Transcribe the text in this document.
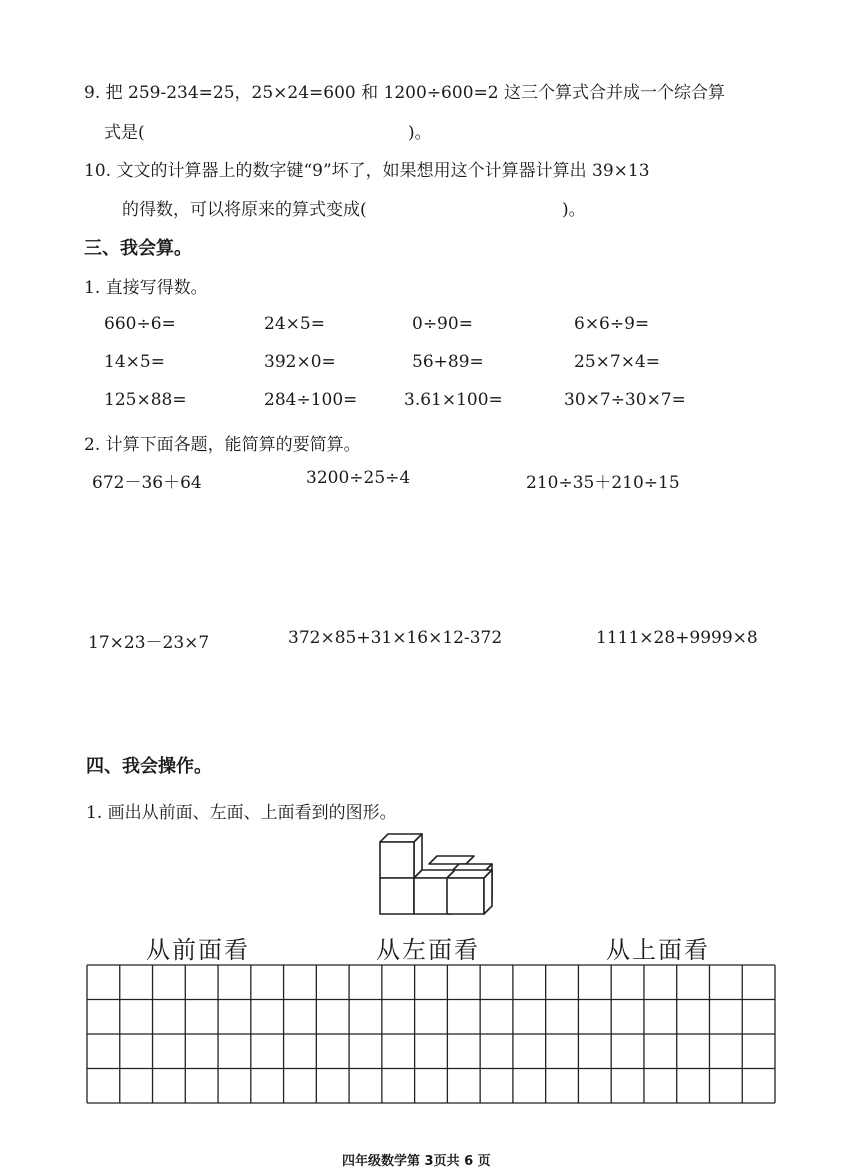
9. 把 259-234=25，25×24=600 和 1200÷600=2 这三个算式合并成一个综合算
式是(	)。
10. 文文的计算器上的数字键“9”坏了，如果想用这个计算器计算出 39×13
的得数，可以将原来的算式变成(	)。
三、我会算。
1. 直接写得数。
660÷6=	24×5=	0÷90=	6×6÷9=
14×5=	392×0=	56+89=	25×7×4=
125×88=	284÷100=	3.61×100=	30×7÷30×7=
2. 计算下面各题，能简算的要简算。
672－36＋64	3200÷25÷4	210÷35＋210÷15
17×23－23×7	372×85+31×16×12-372	1111×28+9999×8
四、我会操作。
1. 画出从前面、左面、上面看到的图形。
从前面看	从左面看	从上面看
四年级数学第 3页共 6 页
